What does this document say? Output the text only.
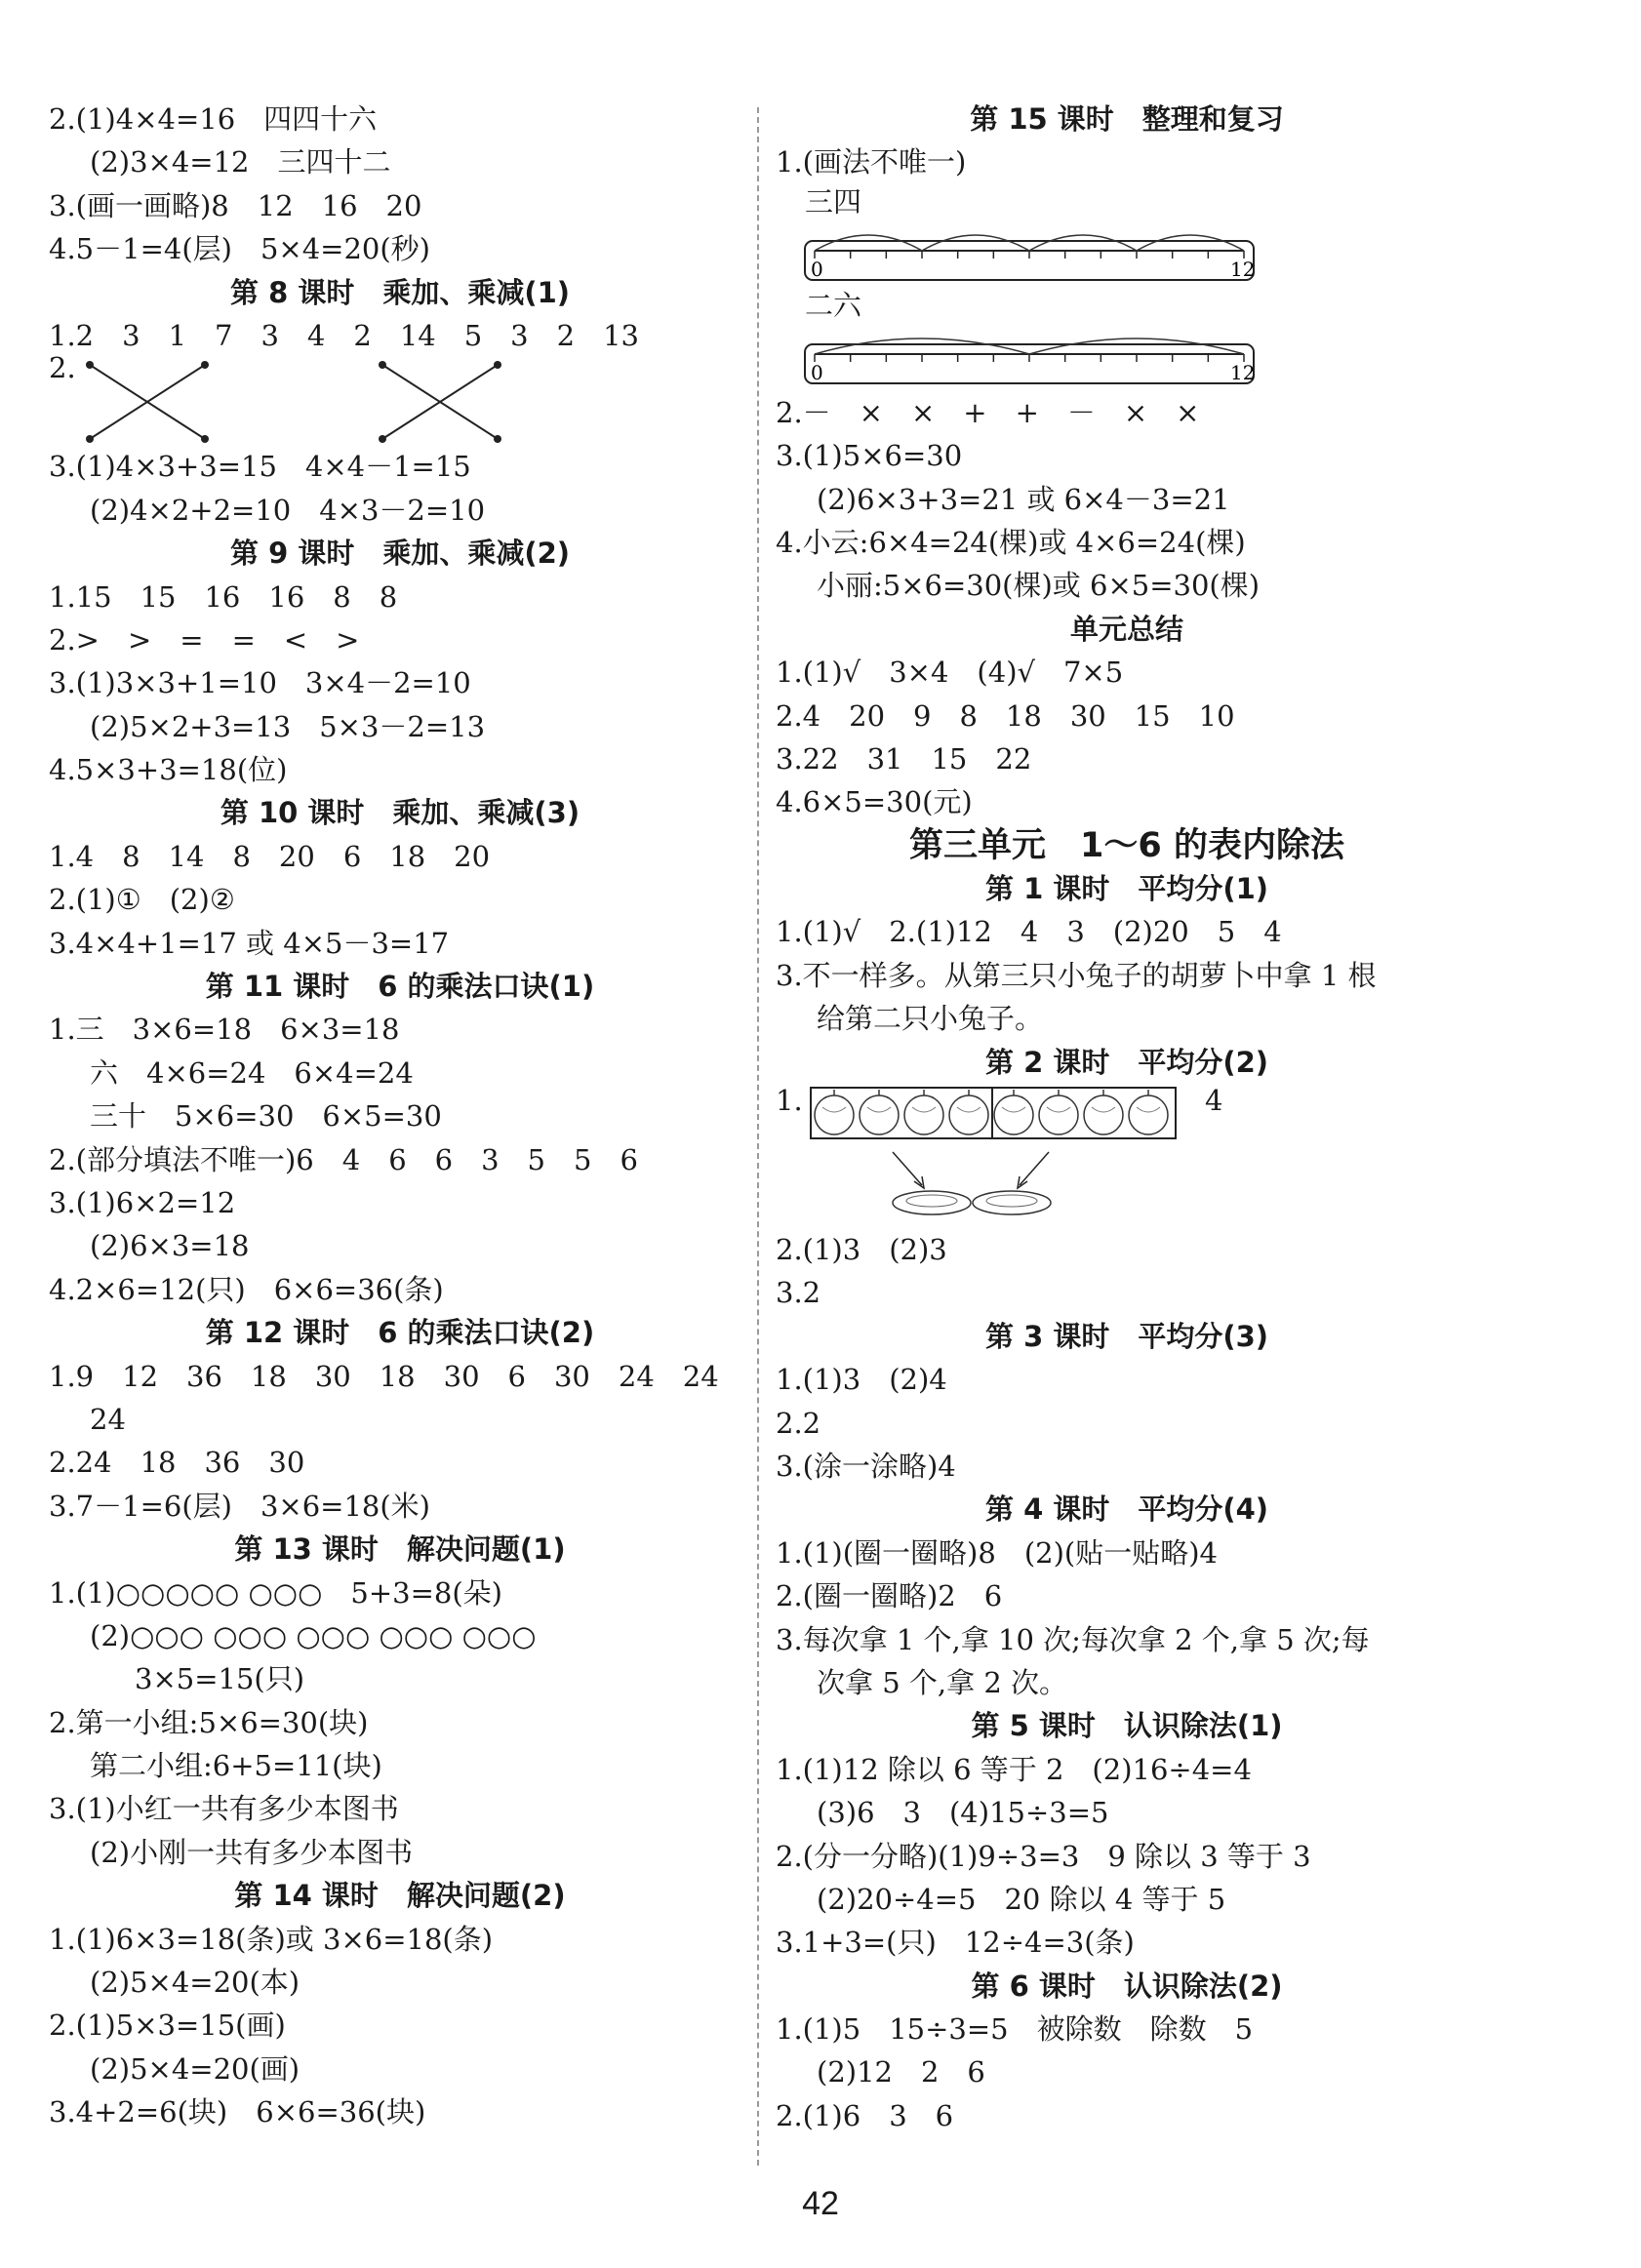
2.(1)4×4=16　四四十六
(2)3×4=12　三四十二
3.(画一画略)8　12　16　20
4.5－1=4(层)　5×4=20(秒)
第 8 课时　乘加、乘减(1)
1.2　3　1　7　3　4　2　14　5　3　2　13
2.
3.(1)4×3+3=15　4×4－1=15
(2)4×2+2=10　4×3－2=10
第 9 课时　乘加、乘减(2)
1.15　15　16　16　8　8
2.>　>　=　=　<　>
3.(1)3×3+1=10　3×4－2=10
(2)5×2+3=13　5×3－2=13
4.5×3+3=18(位)
第 10 课时　乘加、乘减(3)
1.4　8　14　8　20　6　18　20
2.(1)①　(2)②
3.4×4+1=17 或 4×5－3=17
第 11 课时　6 的乘法口诀(1)
1.三　3×6=18　6×3=18
六　4×6=24　6×4=24
三十　5×6=30　6×5=30
2.(部分填法不唯一)6　4　6　6　3　5　5　6
3.(1)6×2=12
(2)6×3=18
4.2×6=12(只)　6×6=36(条)
第 12 课时　6 的乘法口诀(2)
1.9　12　36　18　30　18　30　6　30　24　24
24
2.24　18　36　30
3.7－1=6(层)　3×6=18(米)
第 13 课时　解决问题(1)
1.(1)○○○○○ ○○○　5+3=8(朵)
(2)○○○ ○○○ ○○○ ○○○ ○○○
3×5=15(只)
2.第一小组:5×6=30(块)
第二小组:6+5=11(块)
3.(1)小红一共有多少本图书
(2)小刚一共有多少本图书
第 14 课时　解决问题(2)
1.(1)6×3=18(条)或 3×6=18(条)
(2)5×4=20(本)
2.(1)5×3=15(画)
(2)5×4=20(画)
3.4+2=6(块)　6×6=36(块)
第 15 课时　整理和复习
1.(画法不唯一)
三四
0	12
二六
0	12
2.－　×　×　+　+　－　×　×
3.(1)5×6=30
(2)6×3+3=21 或 6×4－3=21
4.小云:6×4=24(棵)或 4×6=24(棵)
小丽:5×6=30(棵)或 6×5=30(棵)
单元总结
1.(1)√　3×4　(4)√　7×5
2.4　20　9　8　18　30　15　10
3.22　31　15　22
4.6×5=30(元)
第三单元　1～6 的表内除法
第 1 课时　平均分(1)
1.(1)√　2.(1)12　4　3　(2)20　5　4
3.不一样多。从第三只小兔子的胡萝卜中拿 1 根
给第二只小兔子。
第 2 课时　平均分(2)
1.	4
2.(1)3　(2)3
3.2
第 3 课时　平均分(3)
1.(1)3　(2)4
2.2
3.(涂一涂略)4
第 4 课时　平均分(4)
1.(1)(圈一圈略)8　(2)(贴一贴略)4
2.(圈一圈略)2　6
3.每次拿 1 个,拿 10 次;每次拿 2 个,拿 5 次;每
次拿 5 个,拿 2 次。
第 5 课时　认识除法(1)
1.(1)12 除以 6 等于 2　(2)16÷4=4
(3)6　3　(4)15÷3=5
2.(分一分略)(1)9÷3=3　9 除以 3 等于 3
(2)20÷4=5　20 除以 4 等于 5
3.1+3=(只)　12÷4=3(条)
第 6 课时　认识除法(2)
1.(1)5　15÷3=5　被除数　除数　5
(2)12　2　6
2.(1)6　3　6
42
